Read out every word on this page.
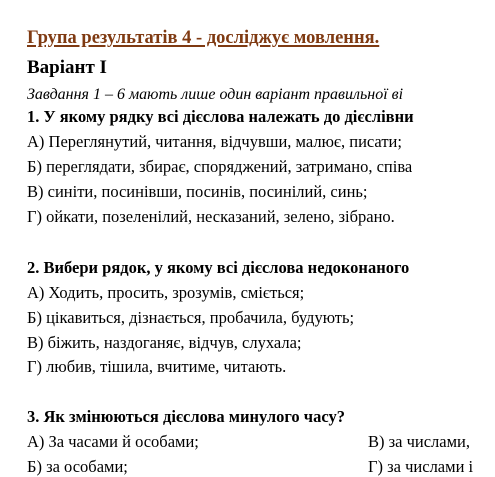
Група результатів 4 - досліджує мовлення.
Варіант І
Завдання 1 – 6 мають лише один варіант правильної ві
1. У якому рядку всі дієслова належать до дієслівни
А) Переглянутий, читання, відчувши, малює, писати;
Б) переглядати, збирає, споряджений, затримано, співа
В) синіти, посинівши, посинів, посинілий, синь;
Г) ойкати, позеленілий, несказаний, зелено, зібрано.
2. Вибери рядок, у якому всі дієслова недоконаного
А) Ходить, просить, зрозумів, сміється;
Б) цікавиться, дізнається, пробачила, будують;
В) біжить, наздоганяє, відчув, слухала;
Г) любив, тішила, вчитиме, читають.
3. Як змінюються дієслова минулого часу?
А) За часами й особами;	В) за числами,
Б) за особами;	Г) за числами і
